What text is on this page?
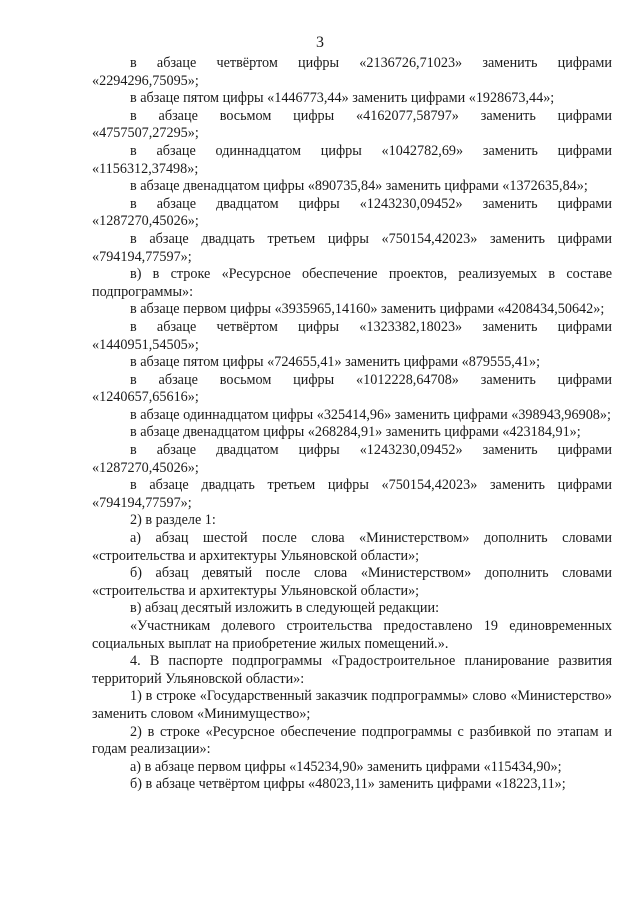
3

в абзаце четвёртом цифры «2136726,71023» заменить цифрами «2294296,75095»;

в абзаце пятом цифры «1446773,44» заменить цифрами «1928673,44»;

в абзаце восьмом цифры «4162077,58797» заменить цифрами «4757507,27295»;

в абзаце одиннадцатом цифры «1042782,69» заменить цифрами «1156312,37498»;

в абзаце двенадцатом цифры «890735,84» заменить цифрами «1372635,84»;

в абзаце двадцатом цифры «1243230,09452» заменить цифрами «1287270,45026»;

в абзаце двадцать третьем цифры «750154,42023» заменить цифрами «794194,77597»;

в) в строке «Ресурсное обеспечение проектов, реализуемых в составе подпрограммы»:

в абзаце первом цифры «3935965,14160» заменить цифрами «4208434,50642»;

в абзаце четвёртом цифры «1323382,18023» заменить цифрами «1440951,54505»;

в абзаце пятом цифры «724655,41» заменить цифрами «879555,41»;

в абзаце восьмом цифры «1012228,64708» заменить цифрами «1240657,65616»;

в абзаце одиннадцатом цифры «325414,96» заменить цифрами «398943,96908»;

в абзаце двенадцатом цифры «268284,91» заменить цифрами «423184,91»;

в абзаце двадцатом цифры «1243230,09452» заменить цифрами «1287270,45026»;

в абзаце двадцать третьем цифры «750154,42023» заменить цифрами «794194,77597»;

2) в разделе 1:

а) абзац шестой после слова «Министерством» дополнить словами «строительства и архитектуры Ульяновской области»;

б) абзац девятый после слова «Министерством» дополнить словами «строительства и архитектуры Ульяновской области»;

в) абзац десятый изложить в следующей редакции:

«Участникам долевого строительства предоставлено 19 единовременных социальных выплат на приобретение жилых помещений.».

4. В паспорте подпрограммы «Градостроительное планирование развития территорий Ульяновской области»:

1) в строке «Государственный заказчик подпрограммы» слово «Министерство» заменить словом «Минимущество»;

2) в строке «Ресурсное обеспечение подпрограммы с разбивкой по этапам и годам реализации»:

а) в абзаце первом цифры «145234,90» заменить цифрами «115434,90»;

б) в абзаце четвёртом цифры «48023,11» заменить цифрами «18223,11»;
